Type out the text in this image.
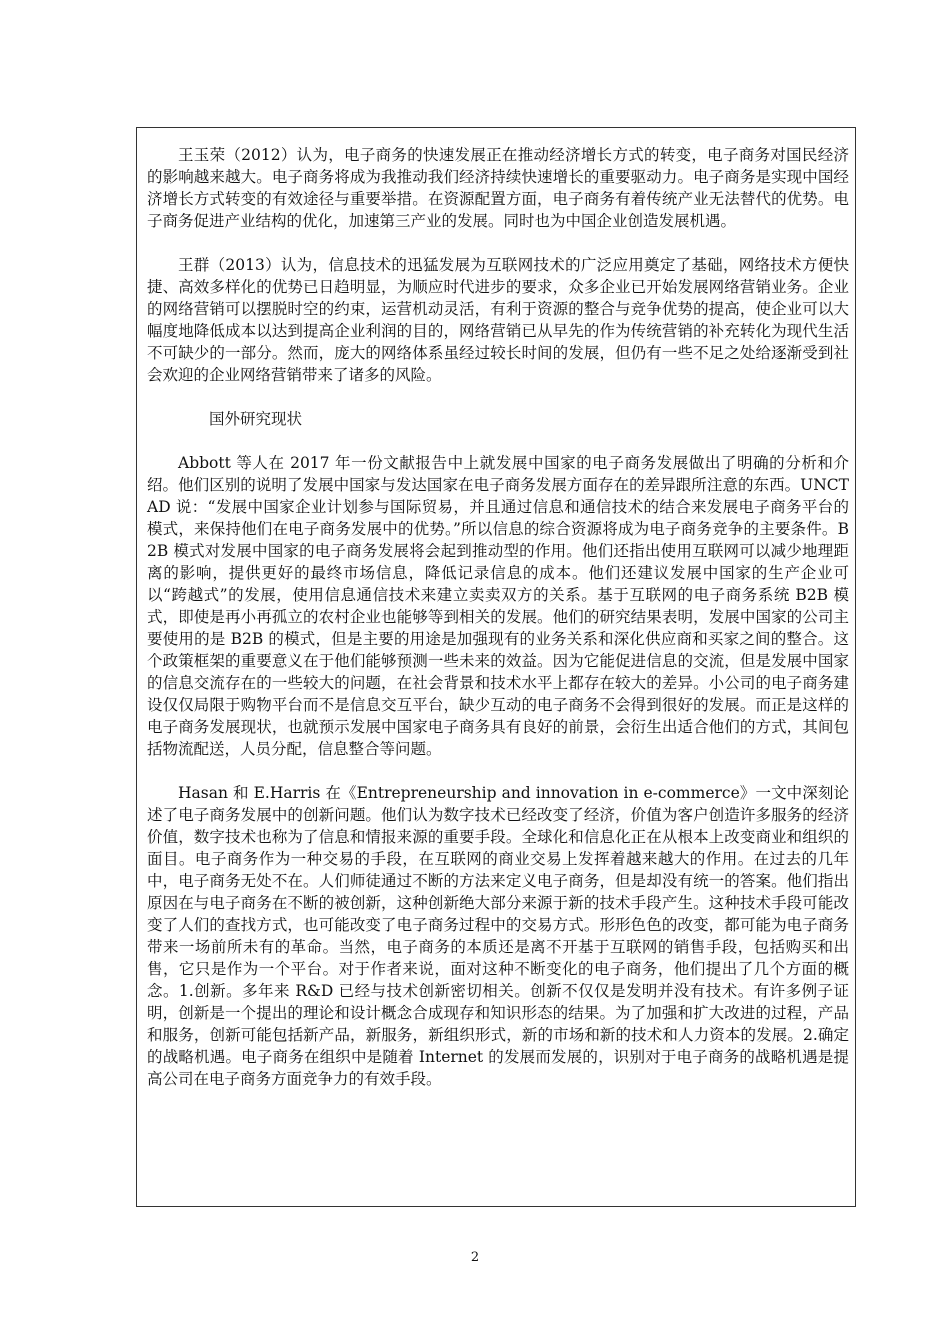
王玉荣（2012）认为，电子商务的快速发展正在推动经济增长方式的转变，电子商务对国民经济的影响越来越大。电子商务将成为我推动我们经济持续快速增长的重要驱动力。电子商务是实现中国经济增长方式转变的有效途径与重要举措。在资源配置方面，电子商务有着传统产业无法替代的优势。电子商务促进产业结构的优化，加速第三产业的发展。同时也为中国企业创造发展机遇。

王群（2013）认为，信息技术的迅猛发展为互联网技术的广泛应用奠定了基础，网络技术方便快捷、高效多样化的优势已日趋明显，为顺应时代进步的要求，众多企业已开始发展网络营销业务。企业的网络营销可以摆脱时空的约束，运营机动灵活，有利于资源的整合与竞争优势的提高，使企业可以大幅度地降低成本以达到提高企业利润的目的，网络营销已从早先的作为传统营销的补充转化为现代生活不可缺少的一部分。然而，庞大的网络体系虽经过较长时间的发展，但仍有一些不足之处给逐渐受到社会欢迎的企业网络营销带来了诸多的风险。

国外研究现状

Abbott 等人在 2017 年一份文献报告中上就发展中国家的电子商务发展做出了明确的分析和介绍。他们区别的说明了发展中国家与发达国家在电子商务发展方面存在的差异跟所注意的东西。UNCTAD 说：“发展中国家企业计划参与国际贸易，并且通过信息和通信技术的结合来发展电子商务平台的模式，来保持他们在电子商务发展中的优势。”所以信息的综合资源将成为电子商务竞争的主要条件。B2B 模式对发展中国家的电子商务发展将会起到推动型的作用。他们还指出使用互联网可以减少地理距离的影响，提供更好的最终市场信息，降低记录信息的成本。他们还建议发展中国家的生产企业可以“跨越式”的发展，使用信息通信技术来建立卖卖双方的关系。基于互联网的电子商务系统 B2B 模式，即使是再小再孤立的农村企业也能够等到相关的发展。他们的研究结果表明，发展中国家的公司主要使用的是 B2B 的模式，但是主要的用途是加强现有的业务关系和深化供应商和买家之间的整合。这个政策框架的重要意义在于他们能够预测一些未来的效益。因为它能促进信息的交流，但是发展中国家的信息交流存在的一些较大的问题，在社会背景和技术水平上都存在较大的差异。小公司的电子商务建设仅仅局限于购物平台而不是信息交互平台，缺少互动的电子商务不会得到很好的发展。而正是这样的电子商务发展现状，也就预示发展中国家电子商务具有良好的前景，会衍生出适合他们的方式，其间包括物流配送，人员分配，信息整合等问题。

Hasan 和 E.Harris 在《Entrepreneurship and innovation in e-commerce》一文中深刻论述了电子商务发展中的创新问题。他们认为数字技术已经改变了经济，价值为客户创造许多服务的经济价值，数字技术也称为了信息和情报来源的重要手段。全球化和信息化正在从根本上改变商业和组织的面目。电子商务作为一种交易的手段，在互联网的商业交易上发挥着越来越大的作用。在过去的几年中，电子商务无处不在。人们师徒通过不断的方法来定义电子商务，但是却没有统一的答案。他们指出原因在与电子商务在不断的被创新，这种创新绝大部分来源于新的技术手段产生。这种技术手段可能改变了人们的查找方式，也可能改变了电子商务过程中的交易方式。形形色色的改变，都可能为电子商务带来一场前所未有的革命。当然，电子商务的本质还是离不开基于互联网的销售手段，包括购买和出售，它只是作为一个平台。对于作者来说，面对这种不断变化的电子商务，他们提出了几个方面的概念。1.创新。多年来 R&D 已经与技术创新密切相关。创新不仅仅是发明并没有技术。有许多例子证明，创新是一个提出的理论和设计概念合成现存和知识形态的结果。为了加强和扩大改进的过程，产品和服务，创新可能包括新产品，新服务，新组织形式，新的市场和新的技术和人力资本的发展。2.确定的战略机遇。电子商务在组织中是随着 Internet 的发展而发展的，识别对于电子商务的战略机遇是提高公司在电子商务方面竞争力的有效手段。

2
